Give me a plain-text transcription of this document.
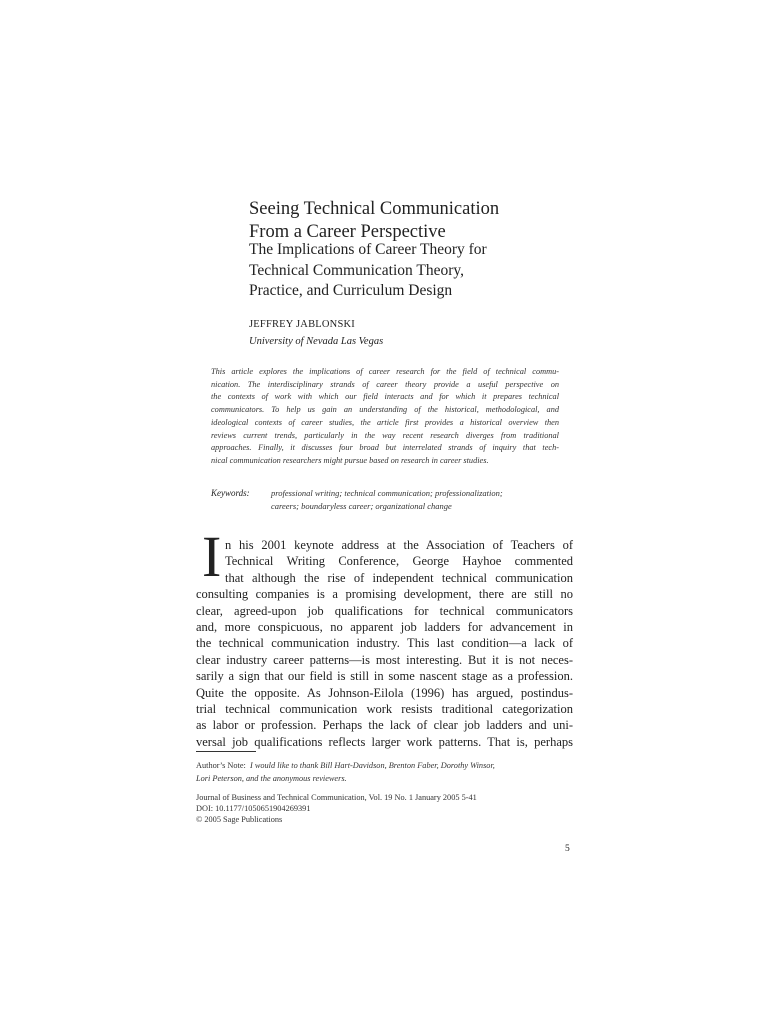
Seeing Technical Communication
From a Career Perspective
The Implications of Career Theory for
Technical Communication Theory,
Practice, and Curriculum Design
JEFFREY JABLONSKI
University of Nevada Las Vegas
This article explores the implications of career research for the field of technical commu-
nication. The interdisciplinary strands of career theory provide a useful perspective on
the contexts of work with which our field interacts and for which it prepares technical
communicators. To help us gain an understanding of the historical, methodological, and
ideological contexts of career studies, the article first provides a historical overview then
reviews current trends, particularly in the way recent research diverges from traditional
approaches. Finally, it discusses four broad but interrelated strands of inquiry that tech-
nical communication researchers might pursue based on research in career studies.
Keywords:	professional writing; technical communication; professionalization;
careers; boundaryless career; organizational change
I n his 2001 keynote address at the Association of Teachers of
Technical Writing Conference, George Hayhoe commented
that although the rise of independent technical communication
consulting companies is a promising development, there are still no
clear, agreed-upon job qualifications for technical communicators
and, more conspicuous, no apparent job ladders for advancement in
the technical communication industry. This last condition—a lack of
clear industry career patterns—is most interesting. But it is not neces-
sarily a sign that our field is still in some nascent stage as a profession.
Quite the opposite. As Johnson-Eilola (1996) has argued, postindus-
trial technical communication work resists traditional categorization
as labor or profession. Perhaps the lack of clear job ladders and uni-
versal job qualifications reflects larger work patterns. That is, perhaps
Author’s Note: I would like to thank Bill Hart-Davidson, Brenton Faber, Dorothy Winsor,
Lori Peterson, and the anonymous reviewers.
Journal of Business and Technical Communication, Vol. 19 No. 1 January 2005 5-41
DOI: 10.1177/1050651904269391
© 2005 Sage Publications
5
